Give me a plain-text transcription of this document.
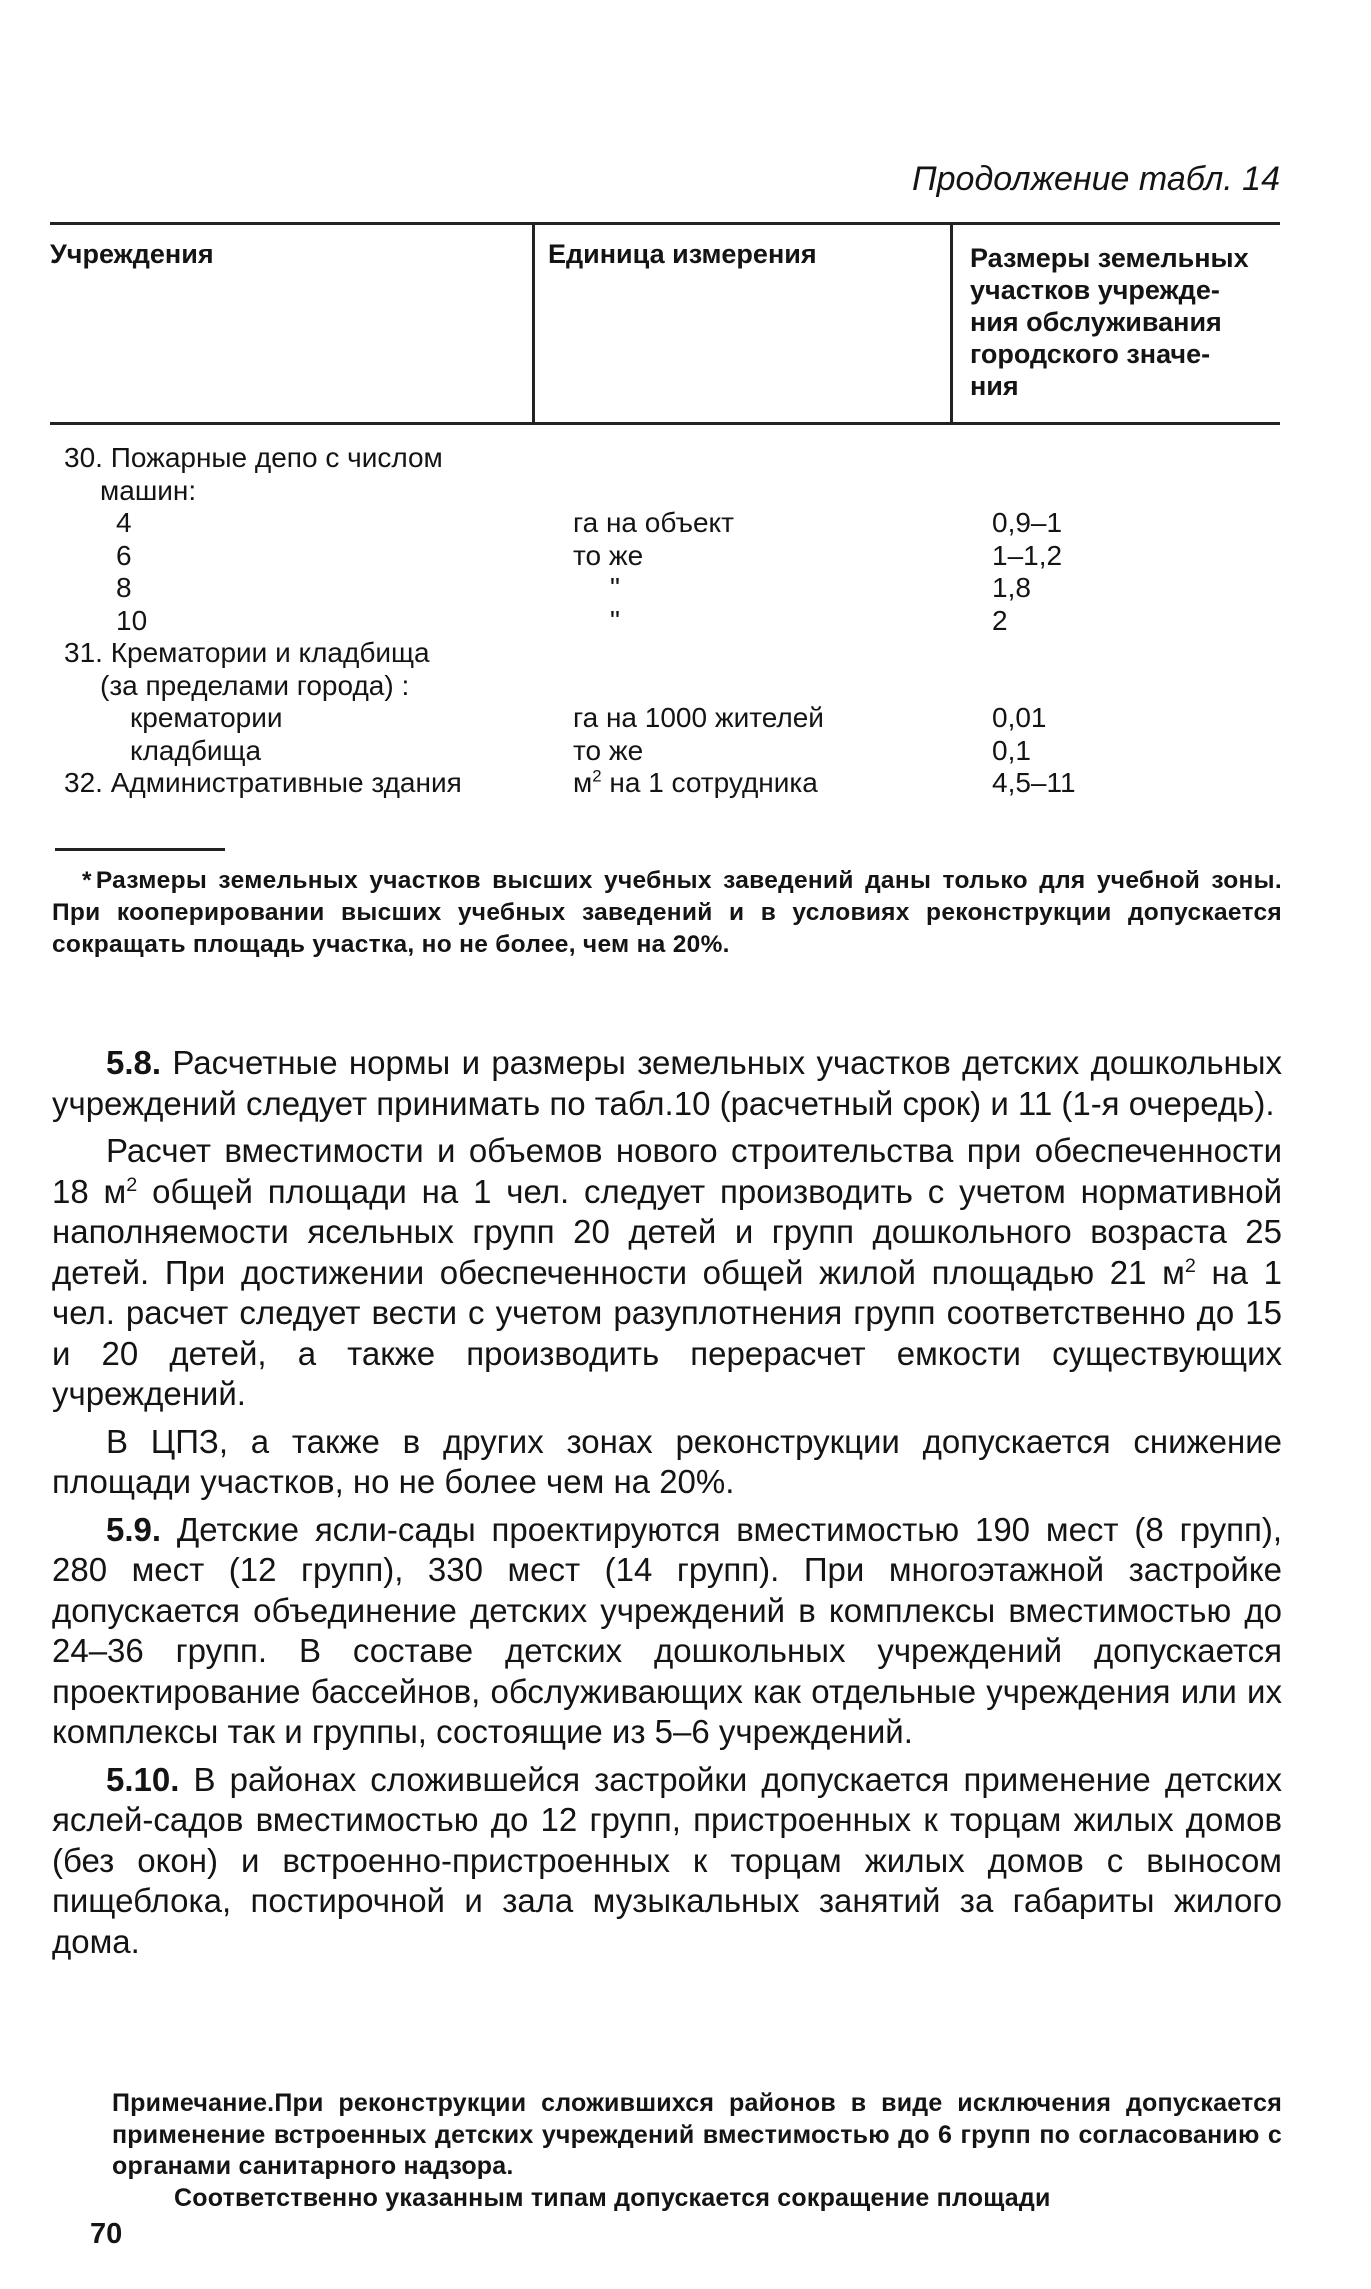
Продолжение табл. 14
Учреждения	Единица измерения	Размеры земельных
участков учрежде-
ния обслуживания
городского значе-
ния
30. Пожарные депо с числом
машин:
4	га на объект	0,9–1
6	то же	1–1,2
8	"	1,8
10	"	2
31. Крематории и кладбища
(за пределами города) :
крематории	га на 1000 жителей	0,01
кладбища	то же	0,1
32. Административные здания	$м^2$ на 1 сотрудника	4,5–11
* Размеры земельных участков высших учебных заведений даны только для учебной зоны. При кооперировании высших учебных заведений и в условиях реконструкции допускается сокращать площадь участка, но не более, чем на 20%.

5.8. Расчетные нормы и размеры земельных участков детских дошкольных учреждений следует принимать по табл.10 (расчетный срок) и 11 (1-я очередь).

Расчет вместимости и объемов нового строительства при обеспеченности 18 $м^2$ общей площади на 1 чел. следует производить с учетом нормативной наполняемости ясельных групп 20 детей и групп дошкольного возраста 25 детей. При достижении обеспеченности общей жилой площадью 21 $м^2$ на 1 чел. расчет следует вести с учетом разуплотнения групп соответственно до 15 и 20 детей, а также производить перерасчет емкости существующих учреждений.

В ЦПЗ, а также в других зонах реконструкции допускается снижение площади участков, но не более чем на 20%.

5.9. Детские ясли-сады проектируются вместимостью 190 мест (8 групп), 280 мест (12 групп), 330 мест (14 групп). При многоэтажной застройке допускается объединение детских учреждений в комплексы вместимостью до 24–36 групп. В составе детских дошкольных учреждений допускается проектирование бассейнов, обслуживающих как отдельные учреждения или их комплексы так и группы, состоящие из 5–6 учреждений.

5.10. В районах сложившейся застройки допускается применение детских яслей-садов вместимостью до 12 групп, пристроенных к торцам жилых домов (без окон) и встроенно-пристроенных к торцам жилых домов с выносом пищеблока, постирочной и зала музыкальных занятий за габариты жилого дома.

Примечание.При реконструкции сложившихся районов в виде исключения допускается применение встроенных детских учреждений вместимостью до 6 групп по согласованию с органами санитарного надзора.
Соответственно указанным типам допускается сокращение площади
70
